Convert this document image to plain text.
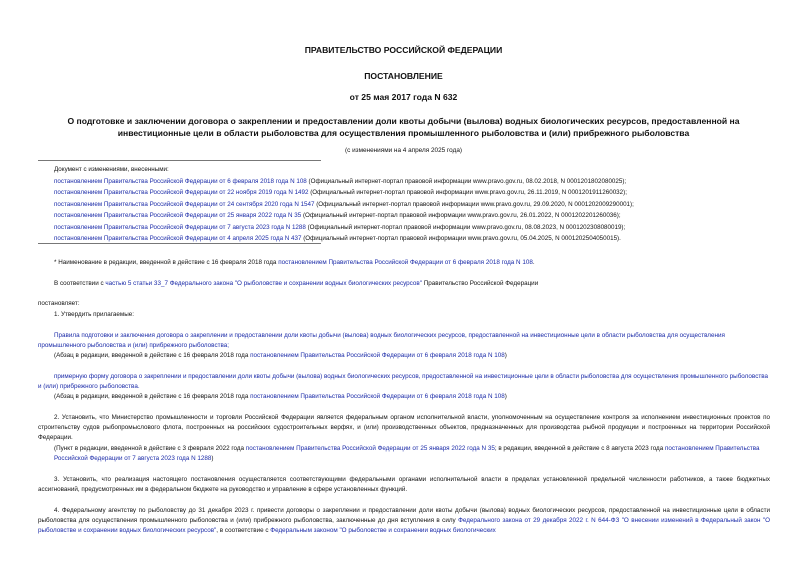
ПРАВИТЕЛЬСТВО РОССИЙСКОЙ ФЕДЕРАЦИИ
ПОСТАНОВЛЕНИЕ
от 25 мая 2017 года N 632
О подготовке и заключении договора о закреплении и предоставлении доли квоты добычи (вылова) водных биологических ресурсов, предоставленной на инвестиционные цели в области рыболовства для осуществления промышленного рыболовства и (или) прибрежного рыболовства
(с изменениями на 4 апреля 2025 года)
Документ с изменениями, внесенными:
постановлением Правительства Российской Федерации от 6 февраля 2018 года N 108 (Официальный интернет-портал правовой информации www.pravo.gov.ru, 08.02.2018, N 0001201802080025);
постановлением Правительства Российской Федерации от 22 ноября 2019 года N 1492 (Официальный интернет-портал правовой информации www.pravo.gov.ru, 26.11.2019, N 0001201911260032);
постановлением Правительства Российской Федерации от 24 сентября 2020 года N 1547 (Официальный интернет-портал правовой информации www.pravo.gov.ru, 29.09.2020, N 0001202009290001);
постановлением Правительства Российской Федерации от 25 января 2022 года N 35 (Официальный интернет-портал правовой информации www.pravo.gov.ru, 26.01.2022, N 0001202201260036);
постановлением Правительства Российской Федерации от 7 августа 2023 года N 1288 (Официальный интернет-портал правовой информации www.pravo.gov.ru, 08.08.2023, N 0001202308080019);
постановлением Правительства Российской Федерации от 4 апреля 2025 года N 437 (Официальный интернет-портал правовой информации www.pravo.gov.ru, 05.04.2025, N 0001202504050015).
* Наименование в редакции, введенной в действие с 16 февраля 2018 года постановлением Правительства Российской Федерации от 6 февраля 2018 года N 108.
В соответствии с частью 5 статьи 33_7 Федерального закона "О рыболовстве и сохранении водных биологических ресурсов" Правительство Российской Федерации
постановляет:
1. Утвердить прилагаемые:
Правила подготовки и заключения договора о закреплении и предоставлении доли квоты добычи (вылова) водных биологических ресурсов, предоставленной на инвестиционные цели в области рыболовства для осуществления промышленного рыболовства и (или) прибрежного рыболовства;
(Абзац в редакции, введенной в действие с 16 февраля 2018 года постановлением Правительства Российской Федерации от 6 февраля 2018 года N 108)
примерную форму договора о закреплении и предоставлении доли квоты добычи (вылова) водных биологических ресурсов, предоставленной на инвестиционные цели в области рыболовства для осуществления промышленного рыболовства и (или) прибрежного рыболовства.
(Абзац в редакции, введенной в действие с 16 февраля 2018 года постановлением Правительства Российской Федерации от 6 февраля 2018 года N 108)
2. Установить, что Министерство промышленности и торговли Российской Федерации является федеральным органом исполнительной власти, уполномоченным на осуществление контроля за исполнением инвестиционных проектов по строительству судов рыбопромыслового флота, построенных на российских судостроительных верфях, и (или) производственных объектов, предназначенных для производства рыбной продукции и построенных на территории Российской Федерации.
(Пункт в редакции, введенной в действие с 3 февраля 2022 года постановлением Правительства Российской Федерации от 25 января 2022 года N 35; в редакции, введенной в действие с 8 августа 2023 года постановлением Правительства Российской Федерации от 7 августа 2023 года N 1288)
3. Установить, что реализация настоящего постановления осуществляется соответствующими федеральными органами исполнительной власти в пределах установленной предельной численности работников, а также бюджетных ассигнований, предусмотренных им в федеральном бюджете на руководство и управление в сфере установленных функций.
4. Федеральному агентству по рыболовству до 31 декабря 2023 г. привести договоры о закреплении и предоставлении доли квоты добычи (вылова) водных биологических ресурсов, предоставленной на инвестиционные цели в области рыболовства для осуществления промышленного рыболовства и (или) прибрежного рыболовства, заключенные до дня вступления в силу Федерального закона от 29 декабря 2022 г. N 644-ФЗ "О внесении изменений в Федеральный закон "О рыболовстве и сохранении водных биологических ресурсов", в соответствие с Федеральным законом "О рыболовстве и сохранении водных биологических
